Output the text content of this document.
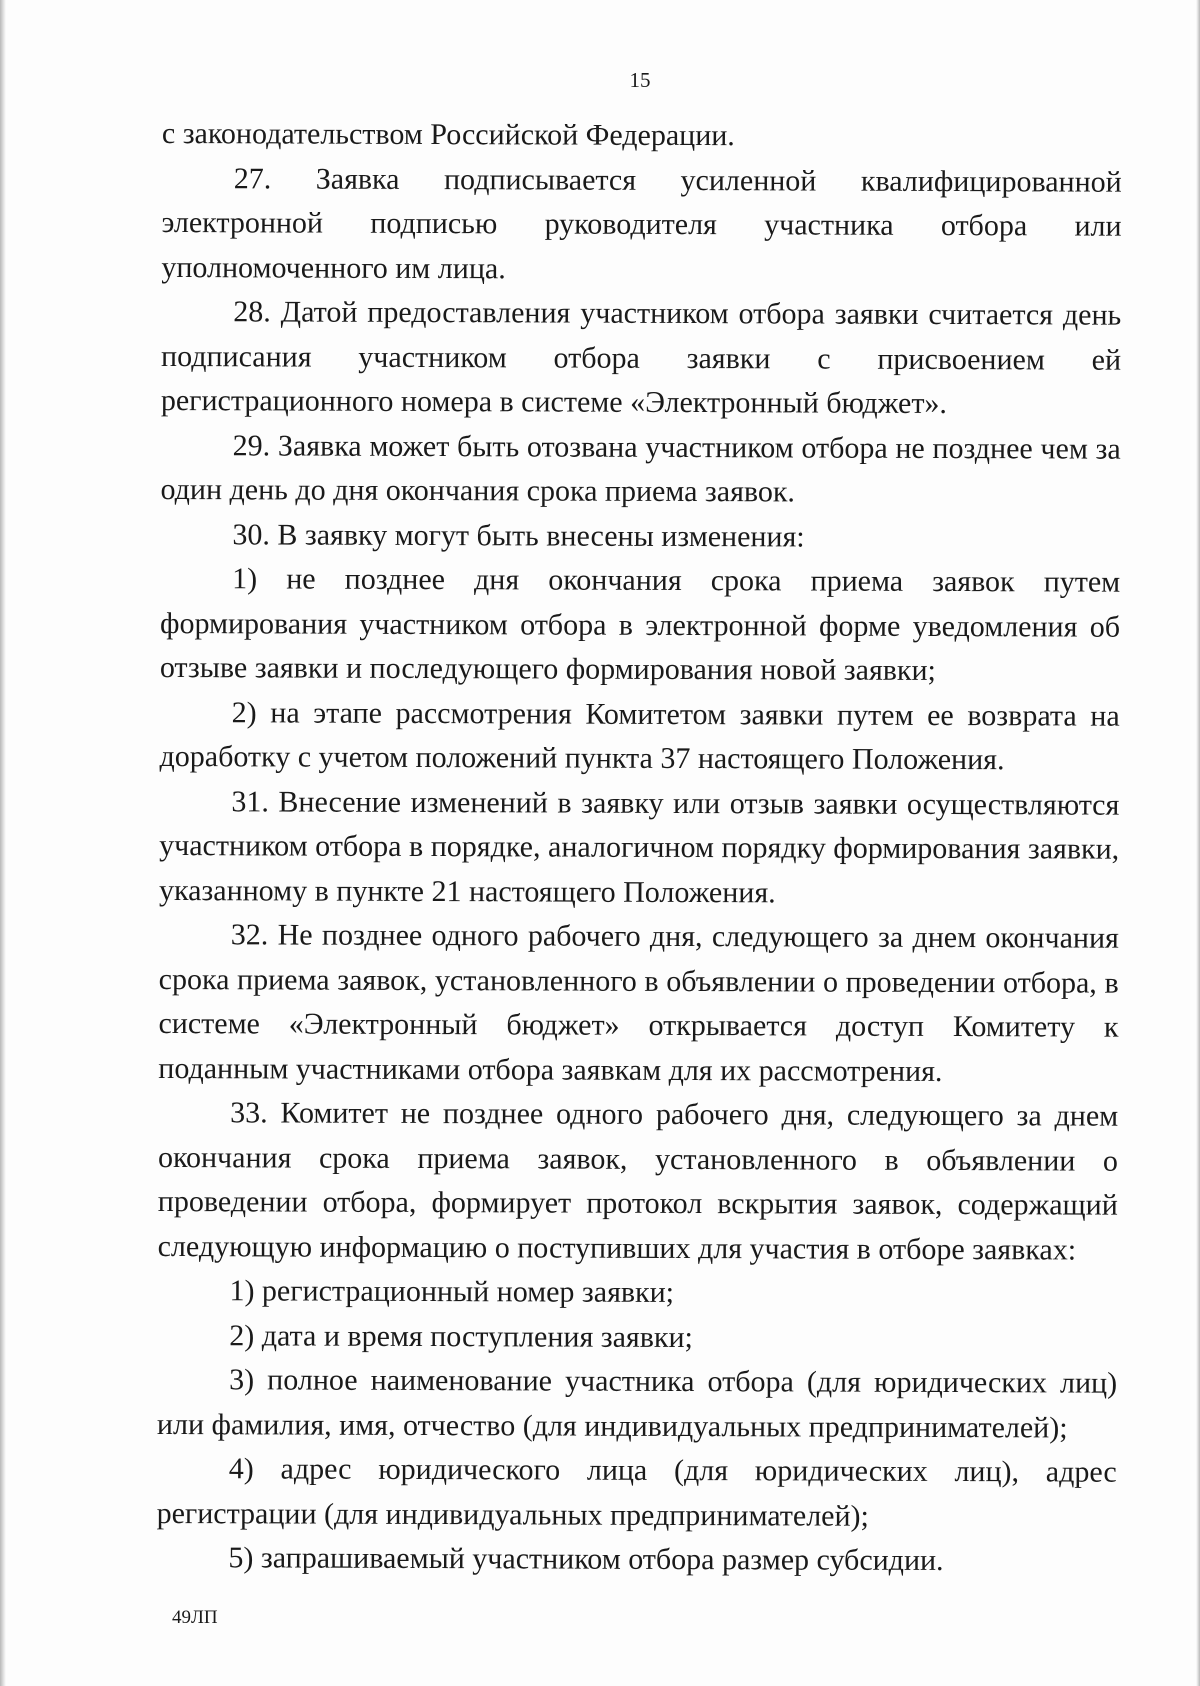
15

с законодательством Российской Федерации.

27. Заявка подписывается усиленной квалифицированной электронной подписью руководителя участника отбора или уполномоченного им лица.

28. Датой предоставления участником отбора заявки считается день подписания участником отбора заявки с присвоением ей регистрационного номера в системе «Электронный бюджет».

29. Заявка может быть отозвана участником отбора не позднее чем за один день до дня окончания срока приема заявок.

30. В заявку могут быть внесены изменения:

1) не позднее дня окончания срока приема заявок путем формирования участником отбора в электронной форме уведомления об отзыве заявки и последующего формирования новой заявки;

2) на этапе рассмотрения Комитетом заявки путем ее возврата на доработку с учетом положений пункта 37 настоящего Положения.

31. Внесение изменений в заявку или отзыв заявки осуществляются участником отбора в порядке, аналогичном порядку формирования заявки, указанному в пункте 21 настоящего Положения.

32. Не позднее одного рабочего дня, следующего за днем окончания срока приема заявок, установленного в объявлении о проведении отбора, в системе «Электронный бюджет» открывается доступ Комитету к поданным участниками отбора заявкам для их рассмотрения.

33. Комитет не позднее одного рабочего дня, следующего за днем окончания срока приема заявок, установленного в объявлении о проведении отбора, формирует протокол вскрытия заявок, содержащий следующую информацию о поступивших для участия в отборе заявках:

1) регистрационный номер заявки;

2) дата и время поступления заявки;

3) полное наименование участника отбора (для юридических лиц) или фамилия, имя, отчество (для индивидуальных предпринимателей);

4) адрес юридического лица (для юридических лиц), адрес регистрации (для индивидуальных предпринимателей);

5) запрашиваемый участником отбора размер субсидии.

49ЛП
